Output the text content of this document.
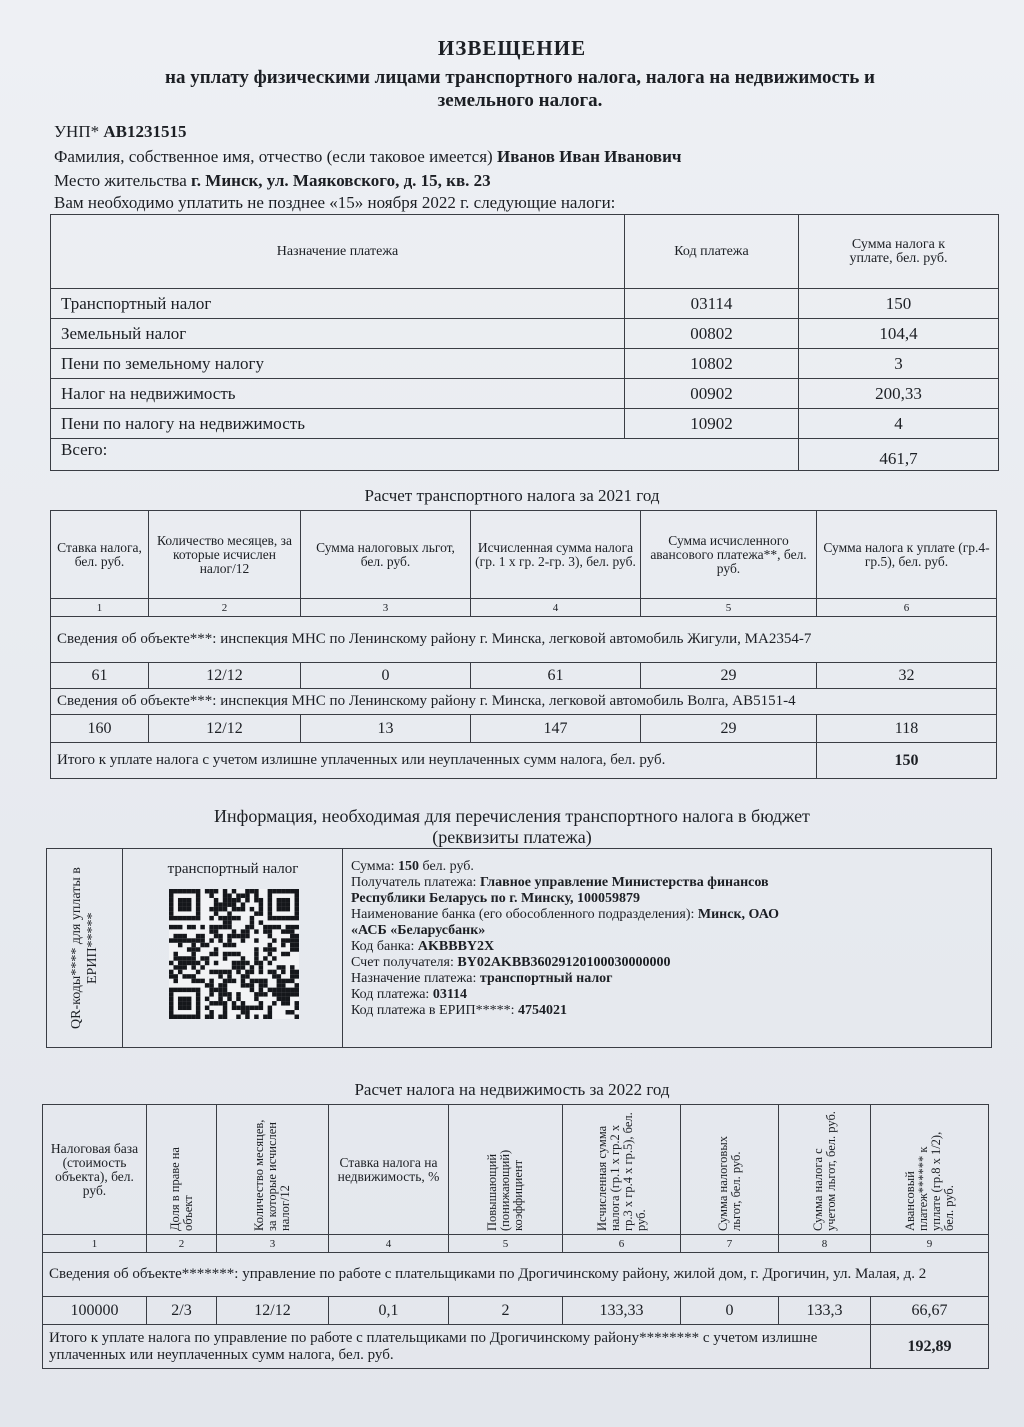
ИЗВЕЩЕНИЕ
на уплату физическими лицами транспортного налога, налога на недвижимость и
земельного налога.
УНП* АВ1231515
Фамилия, собственное имя, отчество (если таковое имеется) Иванов Иван Иванович
Место жительства г. Минск, ул. Маяковского, д. 15, кв. 23
Вам необходимо уплатить не позднее «15» ноября 2022 г. следующие налоги:
Назначение платежа	Код платежа	Сумма налога к уплате, бел. руб.
Транспортный налог	03114	150
Земельный налог	00802	104,4
Пени по земельному налогу	10802	3
Налог на недвижимость	00902	200,33
Пени по налогу на недвижимость	10902	4
Всего:		461,7
Расчет транспортного налога за 2021 год
Ставка налога, бел. руб.	Количество месяцев, за которые исчислен налог/12	Сумма налоговых льгот, бел. руб.	Исчисленная сумма налога (гр. 1 х гр. 2-гр. 3), бел. руб.	Сумма исчисленного авансового платежа**, бел. руб.	Сумма налога к уплате (гр.4-гр.5), бел. руб.
1	2	3	4	5	6
Сведения об объекте***: инспекция МНС по Ленинскому району г. Минска, легковой автомобиль Жигули, МА2354-7					
61	12/12	0	61	29	32
Сведения об объекте***: инспекция МНС по Ленинскому району г. Минска, легковой автомобиль Волга, АВ5151-4					
160	12/12	13	147	29	118
Итого к уплате налога с учетом излишне уплаченных или неуплаченных сумм налога, бел. руб.					150
Информация, необходимая для перечисления транспортного налога в бюджет
(реквизиты платежа)
QR-коды**** для уплаты в ЕРИП*****
транспортный налог	Сумма: 150 бел. руб.
Получатель платежа: Главное управление Министерства финансов
Республики Беларусь по г. Минску, 100059879
Наименование банка (его обособленного подразделения): Минск, ОАО
«АСБ «Беларусбанк»
Код банка: AKBBBY2X
Счет получателя: BY02AKBB36029120100030000000
Назначение платежа: транспортный налог
Код платежа: 03114
Код платежа в ЕРИП*****: 4754021
Расчет налога на недвижимость за 2022 год
Налоговая база (стоимость объекта), бел. руб.	Доля в праве на объект	Количество месяцев, за которые исчислен налог/12	Ставка налога на недвижимость, %	Повышающий (понижающий) коэффициент	Исчисленная сумма налога (гр.1 х гр.2 х гр.3 х гр.4 х гр.5), бел. руб.	Сумма налоговых льгот, бел. руб.	Сумма налога с учетом льгот, бел. руб.	Авансовый платеж****** к уплате (гр.8 х 1/2), бел. руб.

1	2	3	4	5	6	7	8	9
Сведения об объекте*******: управление по работе с плательщиками по Дрогичинскому району, жилой дом, г. Дрогичин, ул. Малая, д. 2								
100000	2/3	12/12	0,1	2	133,33	0	133,3	66,67
Итого к уплате налога по управление по работе с плательщиками по Дрогичинскому району******** с учетом излишне уплаченных или неуплаченных сумм налога, бел. руб.								192,89
